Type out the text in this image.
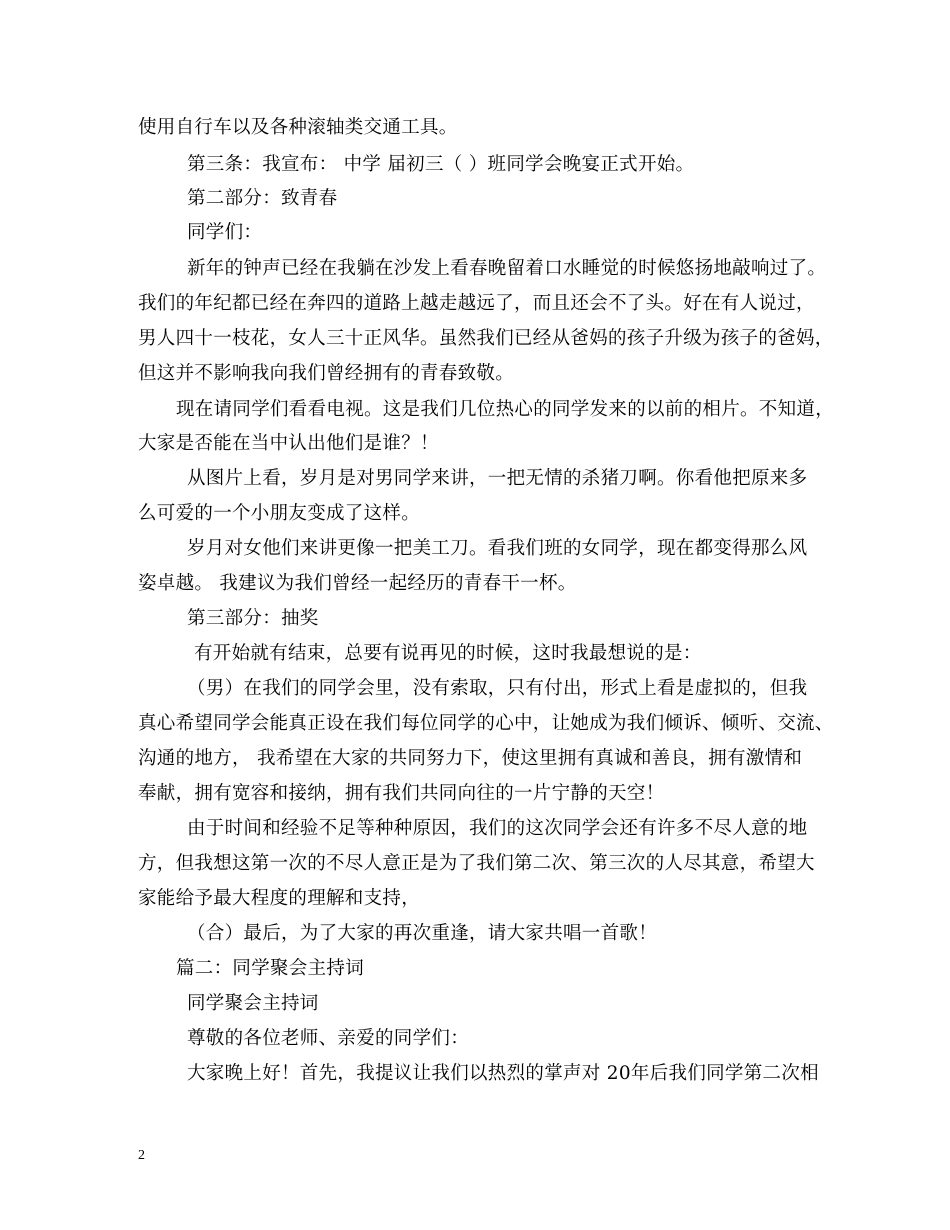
使用自行车以及各种滚轴类交通工具。
第三条：我宣布： 中学 届初三（ ）班同学会晚宴正式开始。
第二部分：致青春
同学们：
新年的钟声已经在我躺在沙发上看春晚留着口水睡觉的时候悠扬地敲响过了。
我们的年纪都已经在奔四的道路上越走越远了，而且还会不了头。好在有人说过，
男人四十一枝花，女人三十正风华。虽然我们已经从爸妈的孩子升级为孩子的爸妈，
但这并不影响我向我们曾经拥有的青春致敬。
现在请同学们看看电视。这是我们几位热心的同学发来的以前的相片。不知道，
大家是否能在当中认出他们是谁？！
从图片上看，岁月是对男同学来讲，一把无情的杀猪刀啊。你看他把原来多
么可爱的一个小朋友变成了这样。
岁月对女他们来讲更像一把美工刀。看我们班的女同学，现在都变得那么风
姿卓越。 我建议为我们曾经一起经历的青春干一杯。
第三部分：抽奖
有开始就有结束，总要有说再见的时候，这时我最想说的是：
（男）在我们的同学会里，没有索取，只有付出，形式上看是虚拟的，但我
真心希望同学会能真正设在我们每位同学的心中，让她成为我们倾诉、倾听、交流、
沟通的地方， 我希望在大家的共同努力下，使这里拥有真诚和善良，拥有激情和
奉献，拥有宽容和接纳，拥有我们共同向往的一片宁静的天空！
由于时间和经验不足等种种原因，我们的这次同学会还有许多不尽人意的地
方，但我想这第一次的不尽人意正是为了我们第二次、第三次的人尽其意，希望大
家能给予最大程度的理解和支持，
（合）最后，为了大家的再次重逢，请大家共唱一首歌！
篇二：同学聚会主持词
同学聚会主持词
尊敬的各位老师、亲爱的同学们：
大家晚上好！首先，我提议让我们以热烈的掌声对 20年后我们同学第二次相
2
